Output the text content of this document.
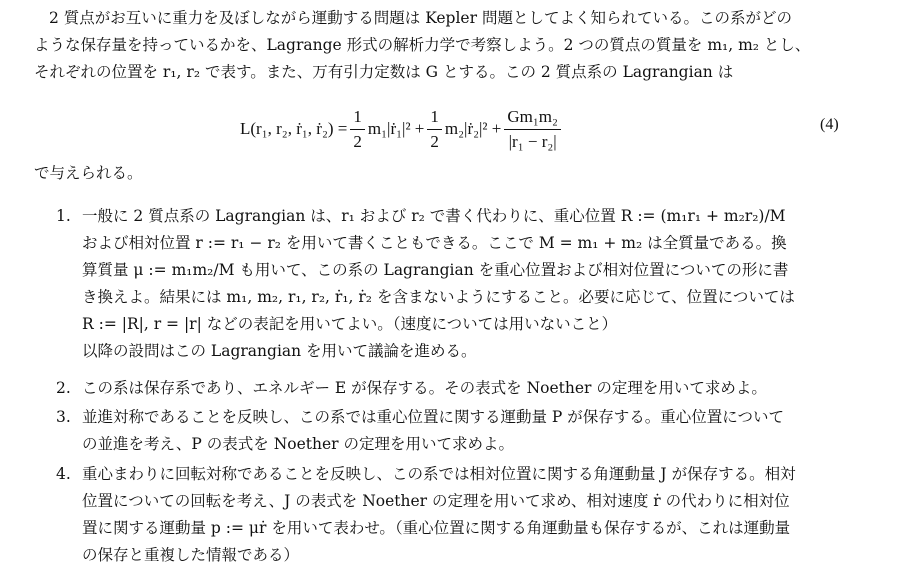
2 質点がお互いに重力を及ぼしながら運動する問題は Kepler 問題としてよく知られている。この系がどの
ような保存量を持っているかを、Lagrange 形式の解析力学で考察しよう。2 つの質点の質量を m₁, m₂ とし、
それぞれの位置を r₁, r₂ で表す。また、万有引力定数は G とする。この 2 質点系の Lagrangian は
L(r₁, r₂, ṙ₁, ṙ₂) = $\frac{1}{2}$ m₁|ṙ₁|² + $\frac{1}{2}$ m₂|ṙ₂|² + $\frac{\text{Gm₁m₂}}{\text{|r₁ − r₂|}}$	(4)
で与えられる。
1. 一般に 2 質点系の Lagrangian は、r₁ および r₂ で書く代わりに、重心位置 R := (m₁r₁ + m₂r₂)/M
および相対位置 r := r₁ − r₂ を用いて書くこともできる。ここで M = m₁ + m₂ は全質量である。換
算質量 μ := m₁m₂/M も用いて、この系の Lagrangian を重心位置および相対位置についての形に書
き換えよ。結果には m₁, m₂, r₁, r₂, ṙ₁, ṙ₂ を含まないようにすること。必要に応じて、位置については
R := |R|, r = |r| などの表記を用いてよい。（速度については用いないこと）
以降の設問はこの Lagrangian を用いて議論を進める。
2. この系は保存系であり、エネルギー E が保存する。その表式を Noether の定理を用いて求めよ。
3. 並進対称であることを反映し、この系では重心位置に関する運動量 P が保存する。重心位置について
の並進を考え、P の表式を Noether の定理を用いて求めよ。
4. 重心まわりに回転対称であることを反映し、この系では相対位置に関する角運動量 J が保存する。相対
位置についての回転を考え、J の表式を Noether の定理を用いて求め、相対速度 ṙ の代わりに相対位
置に関する運動量 p := μṙ を用いて表わせ。（重心位置に関する角運動量も保存するが、これは運動量
の保存と重複した情報である）
